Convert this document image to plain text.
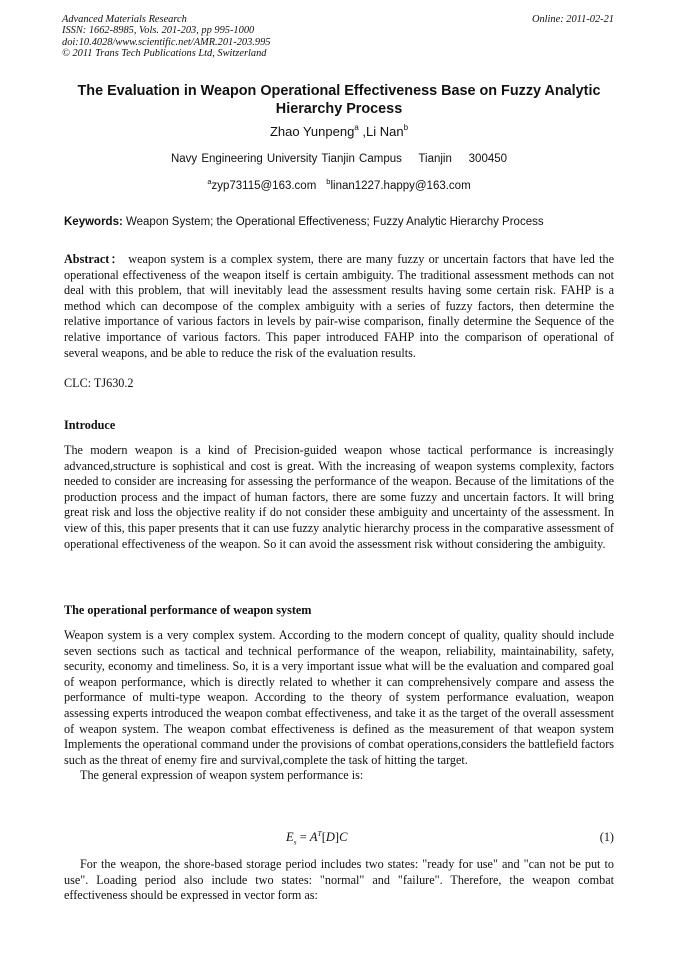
Advanced Materials Research
ISSN: 1662-8985, Vols. 201-203, pp 995-1000
doi:10.4028/www.scientific.net/AMR.201-203.995
© 2011 Trans Tech Publications Ltd, Switzerland
Online: 2011-02-21
The Evaluation in Weapon Operational Effectiveness Base on Fuzzy Analytic Hierarchy Process
Zhao Yunpeng$^a$ ,Li Nan$^b$
Navy Engineering University Tianjin Campus    Tianjin    300450
$^a$zyp73115@163.com $^b$linan1227.happy@163.com
Keywords: Weapon System; the Operational Effectiveness; Fuzzy Analytic Hierarchy Process
Abstract： weapon system is a complex system, there are many fuzzy or uncertain factors that have led the operational effectiveness of the weapon itself is certain ambiguity. The traditional assessment methods can not deal with this problem, that will inevitably lead the assessment results having some certain risk. FAHP is a method which can decompose of the complex ambiguity with a series of fuzzy factors, then determine the relative importance of various factors in levels by pair-wise comparison, finally determine the Sequence of the relative importance of various factors. This paper introduced FAHP into the comparison of operational of several weapons, and be able to reduce the risk of the evaluation results.
CLC: TJ630.2
Introduce

The modern weapon is a kind of Precision-guided weapon whose tactical performance is increasingly advanced,structure is sophistical and cost is great. With the increasing of weapon systems complexity, factors needed to consider are increasing for assessing the performance of the weapon. Because of the limitations of the production process and the impact of human factors, there are some fuzzy and uncertain factors. It will bring great risk and loss the objective reality if do not consider these ambiguity and uncertainty of the assessment. In view of this, this paper presents that it can use fuzzy analytic hierarchy process in the comparative assessment of operational effectiveness of the weapon. So it can avoid the assessment risk without considering the ambiguity.

The operational performance of weapon system

Weapon system is a very complex system. According to the modern concept of quality, quality should include seven sections such as tactical and technical performance of the weapon, reliability, maintainability, safety, security, economy and timeliness. So, it is a very important issue what will be the evaluation and compared goal of weapon performance, which is directly related to whether it can comprehensively compare and assess the performance of multi-type weapon. According to the theory of system performance evaluation, weapon assessing experts introduced the weapon combat effectiveness, and take it as the target of the overall assessment of weapon system. The weapon combat effectiveness is defined as the measurement of that weapon system Implements the operational command under the provisions of combat operations,considers the battlefield factors such as the threat of enemy fire and survival,complete the task of hitting the target.

The general expression of weapon system performance is:

$E_s = A^T[D]C$	(1)

For the weapon, the shore-based storage period includes two states: "ready for use" and "can not be put to use". Loading period also include two states: "normal" and "failure". Therefore, the weapon combat effectiveness should be expressed in vector form as:
